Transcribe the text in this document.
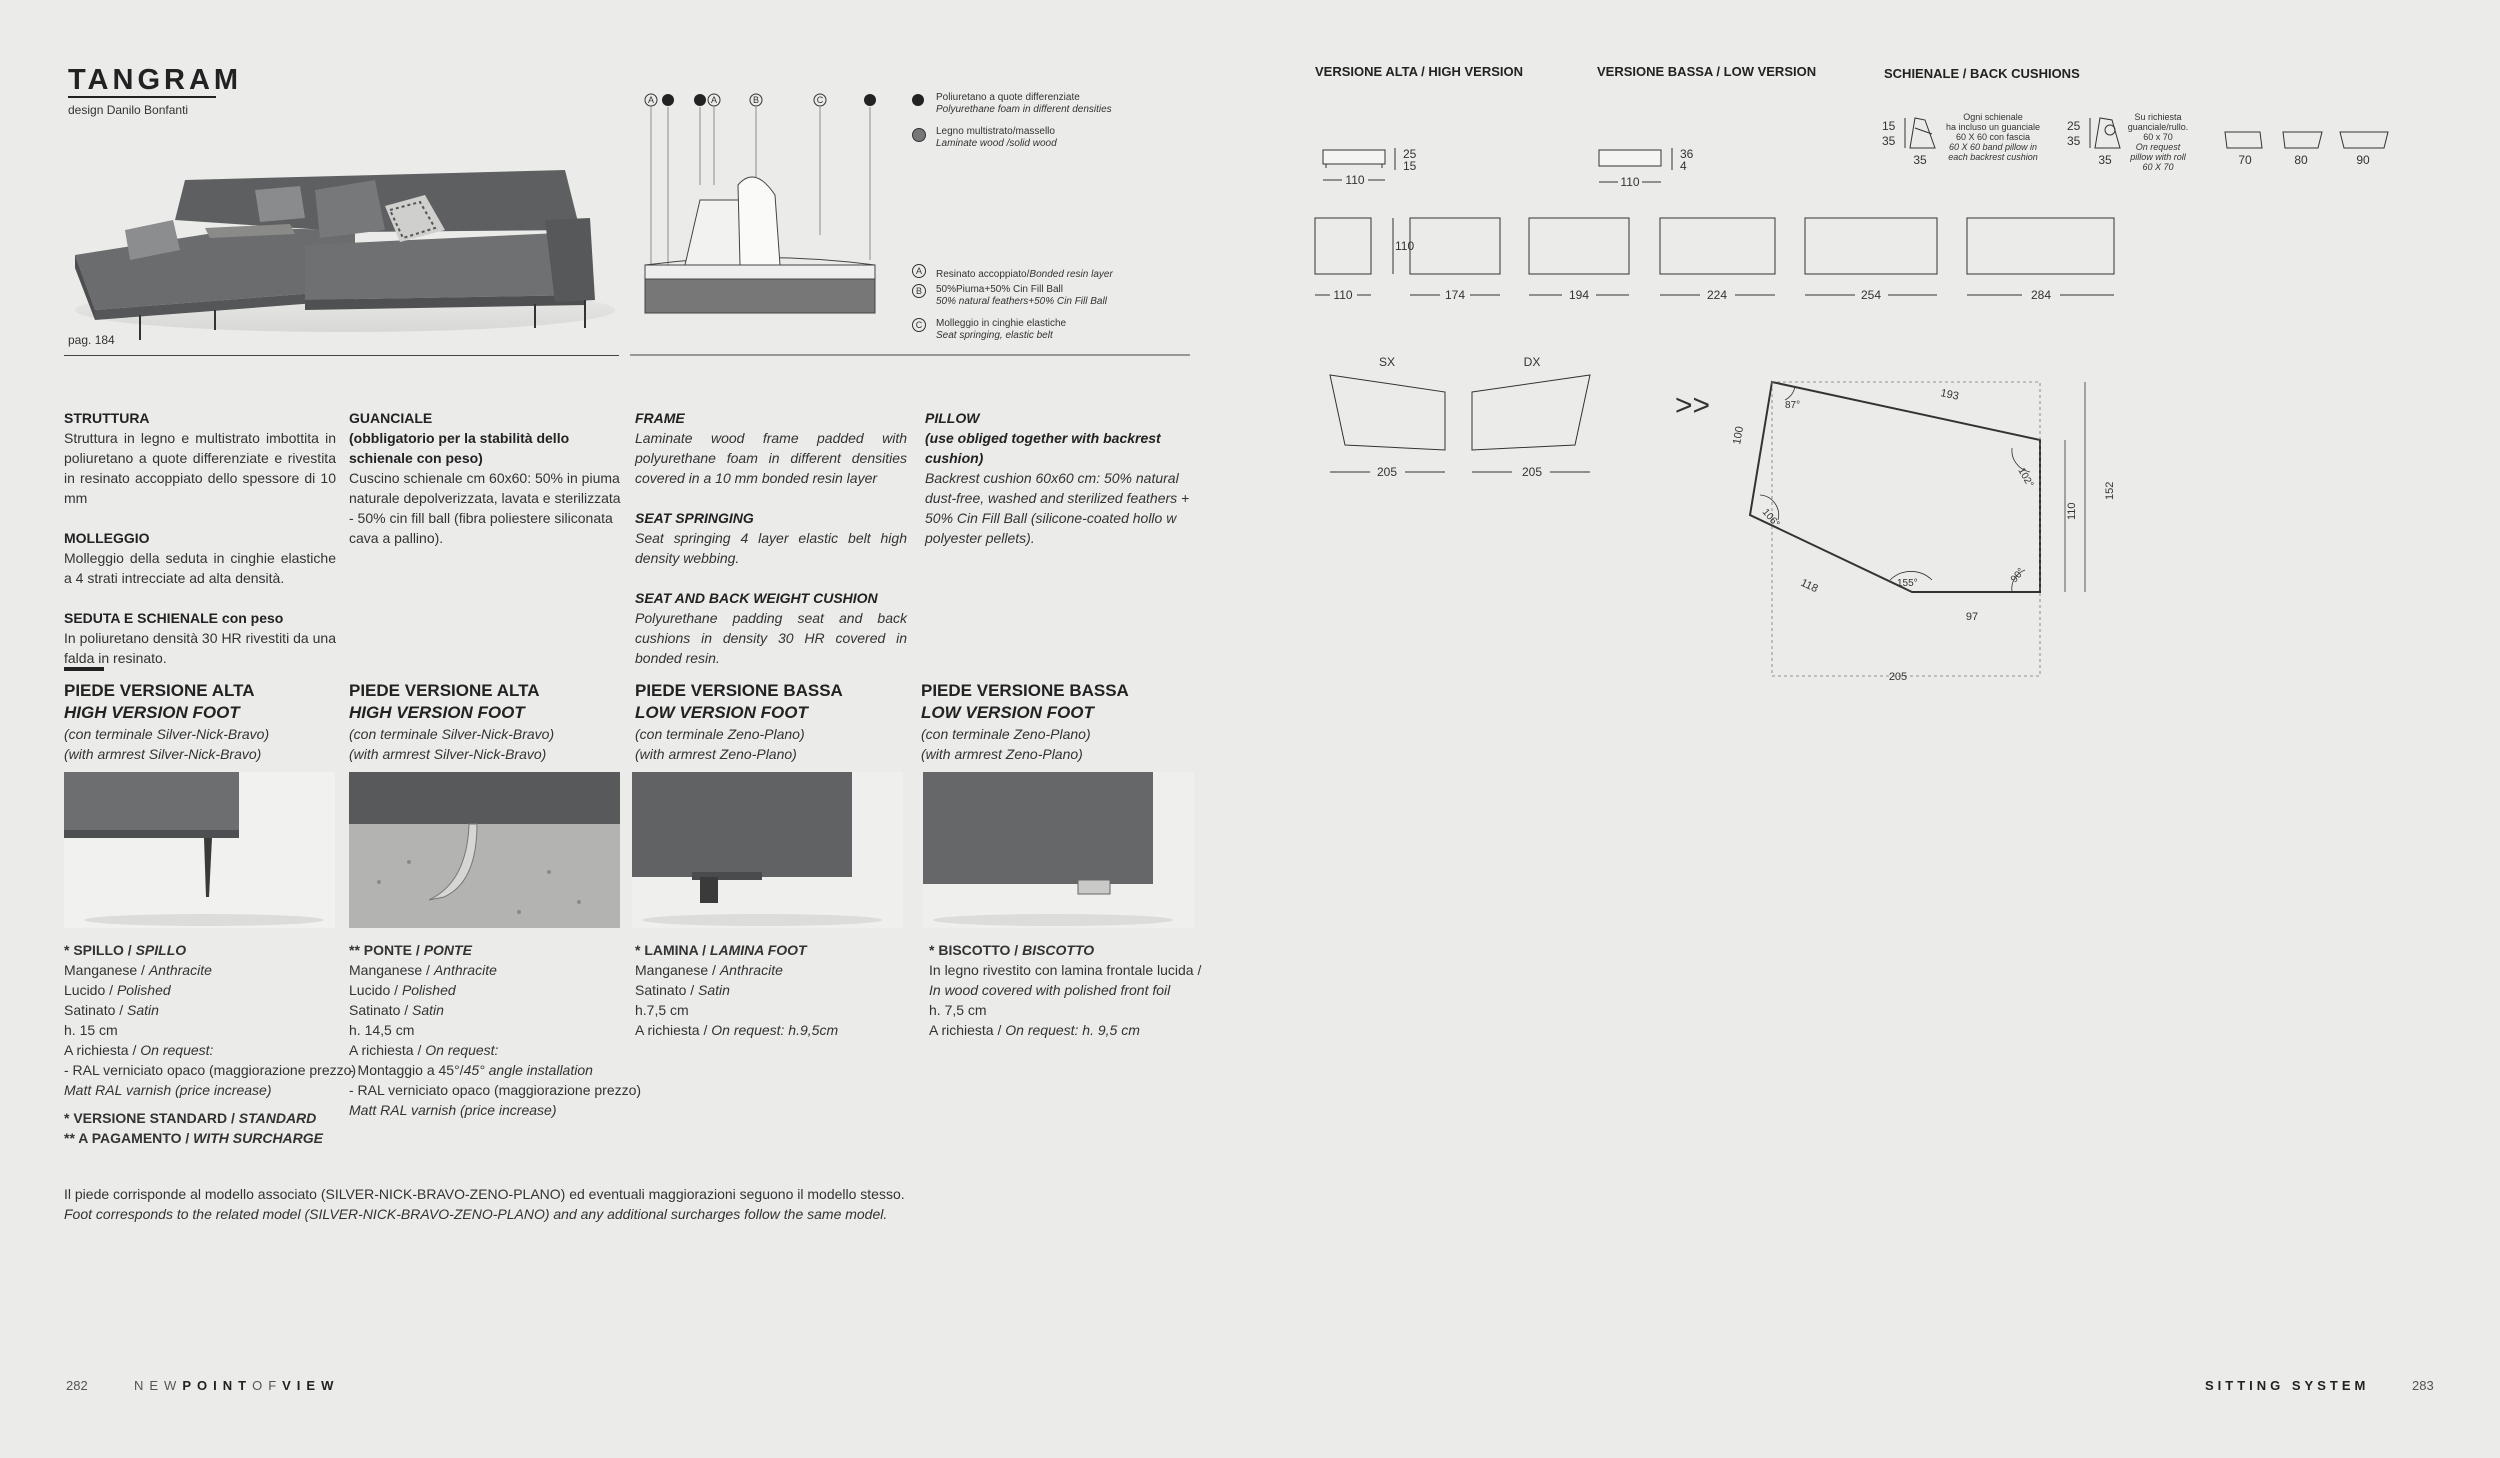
TANGRAM
design Danilo Bonfanti
pag. 184
A	A	B	C	Poliuretano a quote differenziate
Polyurethane foam in different densities
Legno multistrato/massello
Laminate wood /solid wood
A	Resinato accoppiato/Bonded resin layer
B	50%Piuma+50% Cin Fill Ball
50% natural feathers+50% Cin Fill Ball
C	Molleggio in cinghie elastiche
Seat springing, elastic belt
STRUTTURA
Struttura in legno e multistrato imbottita in poliuretano a quote differenziate e rivestita in resinato accoppiato dello spessore di 10 mm
MOLLEGGIO
Molleggio della seduta in cinghie elastiche a 4 strati intrecciate ad alta densità.
SEDUTA E SCHIENALE con peso
In poliuretano densità 30 HR rivestiti da una falda in resinato.
GUANCIALE
(obbligatorio per la stabilità dello schienale con peso)
Cuscino schienale cm 60x60: 50% in piuma naturale depolverizzata, lavata e sterilizzata - 50% cin fill ball (fibra poliestere siliconata cava a pallino).
FRAME
Laminate wood frame padded with polyurethane foam in different densities covered in a 10 mm bonded resin layer
SEAT SPRINGING
Seat springing 4 layer elastic belt high density webbing.
SEAT AND BACK WEIGHT CUSHION
Polyurethane padding seat and back cushions in density 30 HR covered in bonded resin.
PILLOW
(use obliged together with backrest cushion)
Backrest cushion 60x60 cm: 50% natural dust-free, washed and sterilized feathers + 50% Cin Fill Ball (silicone-coated hollo w polyester pellets).
PIEDE VERSIONE ALTA
HIGH VERSION FOOT
(con terminale Silver-Nick-Bravo)
(with armrest Silver-Nick-Bravo)
* SPILLO / SPILLO
Manganese / Anthracite
Lucido / Polished
Satinato / Satin
h. 15 cm
A richiesta / On request:
- RAL verniciato opaco (maggiorazione prezzo)
Matt RAL varnish (price increase)
* VERSIONE STANDARD / STANDARD
** A PAGAMENTO / WITH SURCHARGE
PIEDE VERSIONE ALTA
HIGH VERSION FOOT
(con terminale Silver-Nick-Bravo)
(with armrest Silver-Nick-Bravo)
** PONTE / PONTE
Manganese / Anthracite
Lucido / Polished
Satinato / Satin
h. 14,5 cm
A richiesta / On request:
- Montaggio a 45°/45° angle installation
- RAL verniciato opaco (maggiorazione prezzo)
Matt RAL varnish (price increase)
PIEDE VERSIONE BASSA
LOW VERSION FOOT
(con terminale Zeno-Plano)
(with armrest Zeno-Plano)
* LAMINA / LAMINA FOOT
Manganese / Anthracite
Satinato / Satin
h.7,5 cm
A richiesta / On request: h.9,5cm
PIEDE VERSIONE BASSA
LOW VERSION FOOT
(con terminale Zeno-Plano)
(with armrest Zeno-Plano)
* BISCOTTO / BISCOTTO
In legno rivestito con lamina frontale lucida /
In wood covered with polished front foil
h. 7,5 cm
A richiesta / On request: h. 9,5 cm
Il piede corrisponde al modello associato (SILVER-NICK-BRAVO-ZENO-PLANO) ed eventuali maggiorazioni seguono il modello stesso.
Foot corresponds to the related model (SILVER-NICK-BRAVO-ZENO-PLANO) and any additional surcharges follow the same model.
VERSIONE ALTA / HIGH VERSION	VERSIONE BASSA / LOW VERSION	SCHIENALE / BACK CUSHIONS
25
15
110
36
4
110
15
35
35
Ogni schienale
ha incluso un guanciale
60 X 60 con fascia
60 X 60 band pillow in
each backrest cushion
25
35
35
Su richiesta
guanciale/rullo.
60 x 70
On request
pillow with roll
60 X 70	70	80	90
110
110	174	194	224	254	284
SX	DX
205	205
>>	193
100
110
152
118
97
205
87°
102°
106°
155°	90°
282	NEWPOINTOFVIEW	SITTING SYSTEM	283
